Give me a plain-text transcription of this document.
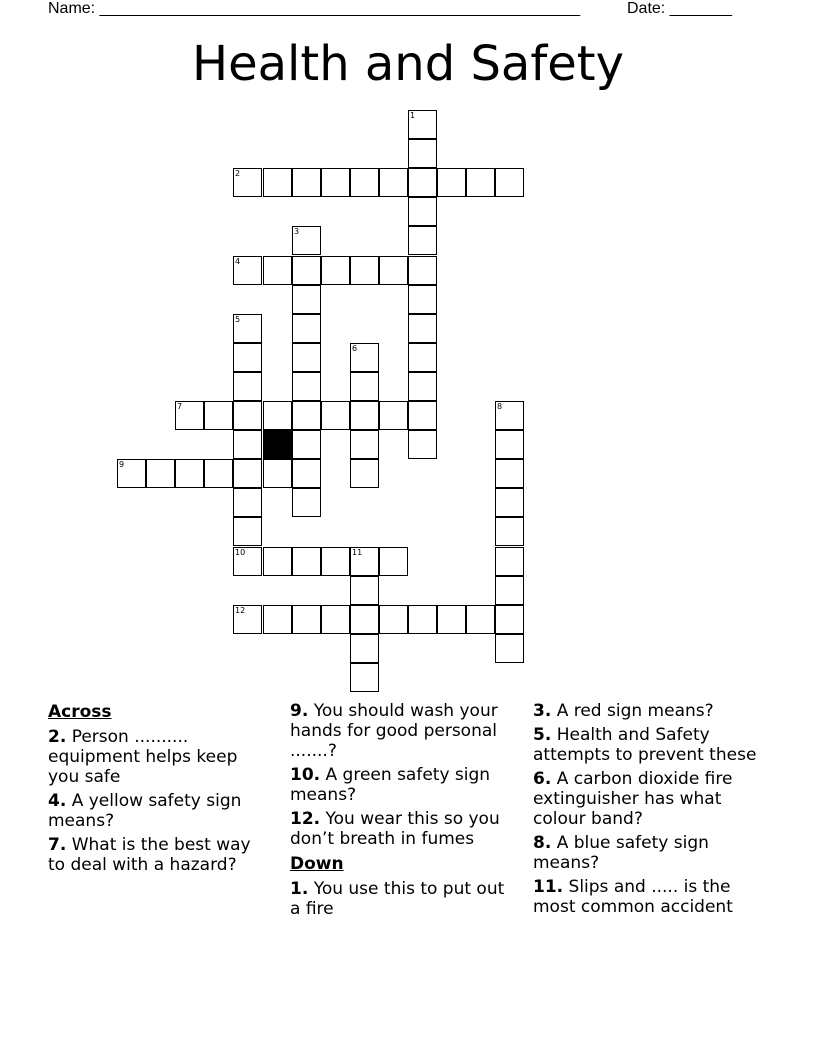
Name: ______________________________________________________	Date: _______
Health and Safety
1
2
3
4
5
6
7	8
9
10	11
12
Across
2. Person .......... equipment helps keep you safe
4. A yellow safety sign means?
7. What is the best way to deal with a hazard?
9. You should wash your hands for good personal .......?
10. A green safety sign means?
12. You wear this so you don’t breath in fumes
Down
1. You use this to put out a fire
3. A red sign means?
5. Health and Safety attempts to prevent these
6. A carbon dioxide fire extinguisher has what colour band?
8. A blue safety sign means?
11. Slips and ..... is the most common accident
